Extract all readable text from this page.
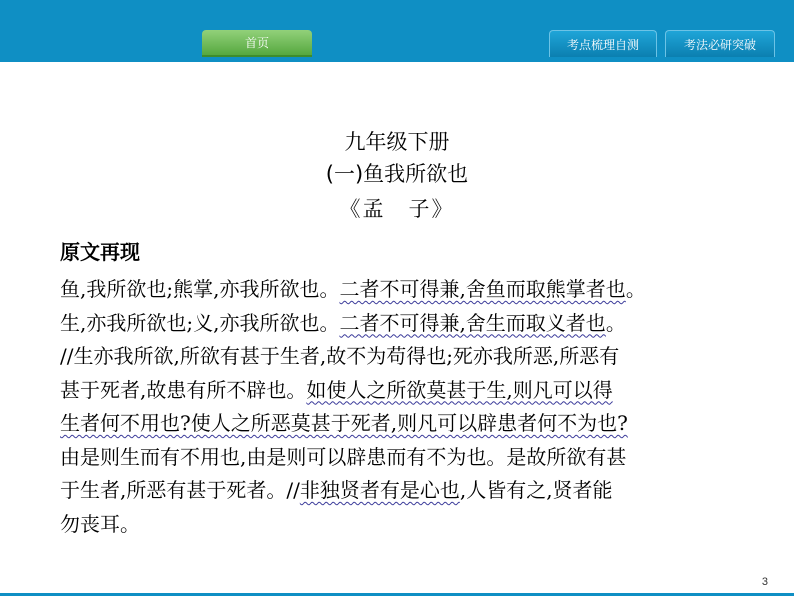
首页	考点梳理自测	考法必研突破
九年级下册
(一)鱼我所欲也
《孟　子》
原文再现
鱼,我所欲也;熊掌,亦我所欲也。二者不可得兼,舍鱼而取熊掌者也。
生,亦我所欲也;义,亦我所欲也。二者不可得兼,舍生而取义者也。
//生亦我所欲,所欲有甚于生者,故不为苟得也;死亦我所恶,所恶有
甚于死者,故患有所不辟也。如使人之所欲莫甚于生,则凡可以得
生者何不用也?使人之所恶莫甚于死者,则凡可以辟患者何不为也?
由是则生而有不用也,由是则可以辟患而有不为也。是故所欲有甚
于生者,所恶有甚于死者。//非独贤者有是心也,人皆有之,贤者能
勿丧耳。
3
